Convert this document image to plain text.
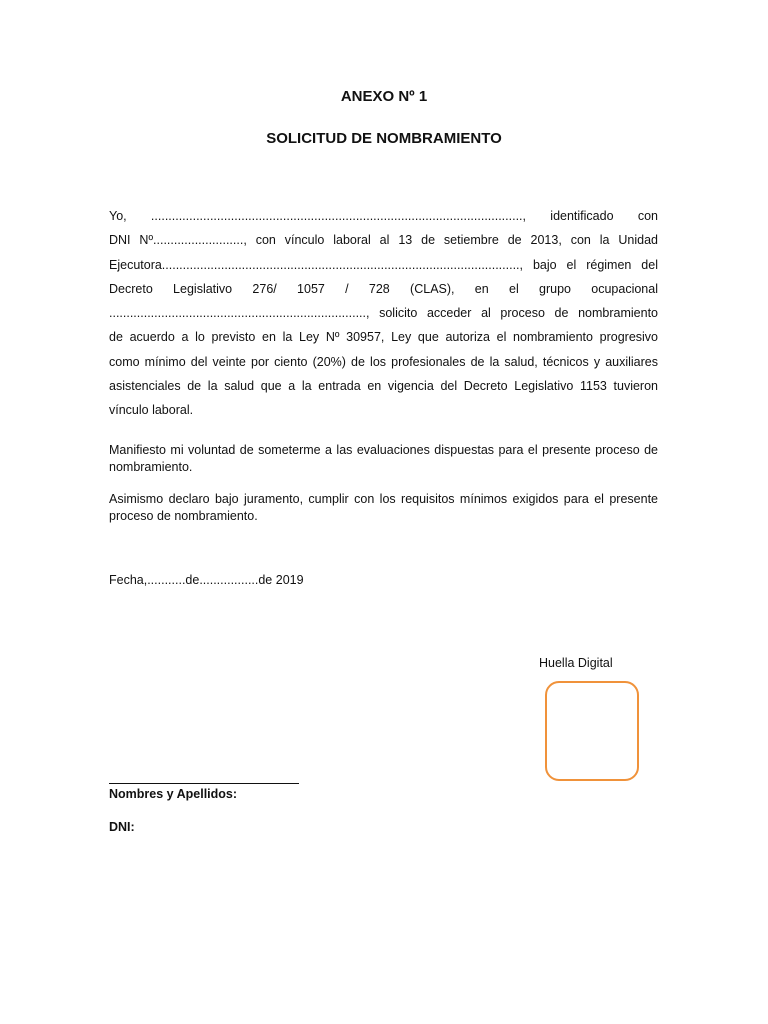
ANEXO Nº 1
SOLICITUD DE NOMBRAMIENTO

Yo, ..........................................................................................................., identificado con
DNI Nº.........................., con vínculo laboral al 13 de setiembre de 2013, con la Unidad
Ejecutora......................................................................................................., bajo el régimen del
Decreto Legislativo 276/ 1057 / 728 (CLAS), en el grupo ocupacional
.........................................................................., solicito acceder al proceso de nombramiento
de acuerdo a lo previsto en la Ley Nº 30957, Ley que autoriza el nombramiento progresivo
como mínimo del veinte por ciento (20%) de los profesionales de la salud, técnicos y auxiliares
asistenciales de la salud que a la entrada en vigencia del Decreto Legislativo 1153 tuvieron
vínculo laboral.

Manifiesto mi voluntad de someterme a las evaluaciones dispuestas para el presente proceso de nombramiento.

Asimismo declaro bajo juramento, cumplir con los requisitos mínimos exigidos para el presente proceso de nombramiento.

Fecha,...........de.................de 2019

Huella Digital

Nombres y Apellidos:

DNI:
